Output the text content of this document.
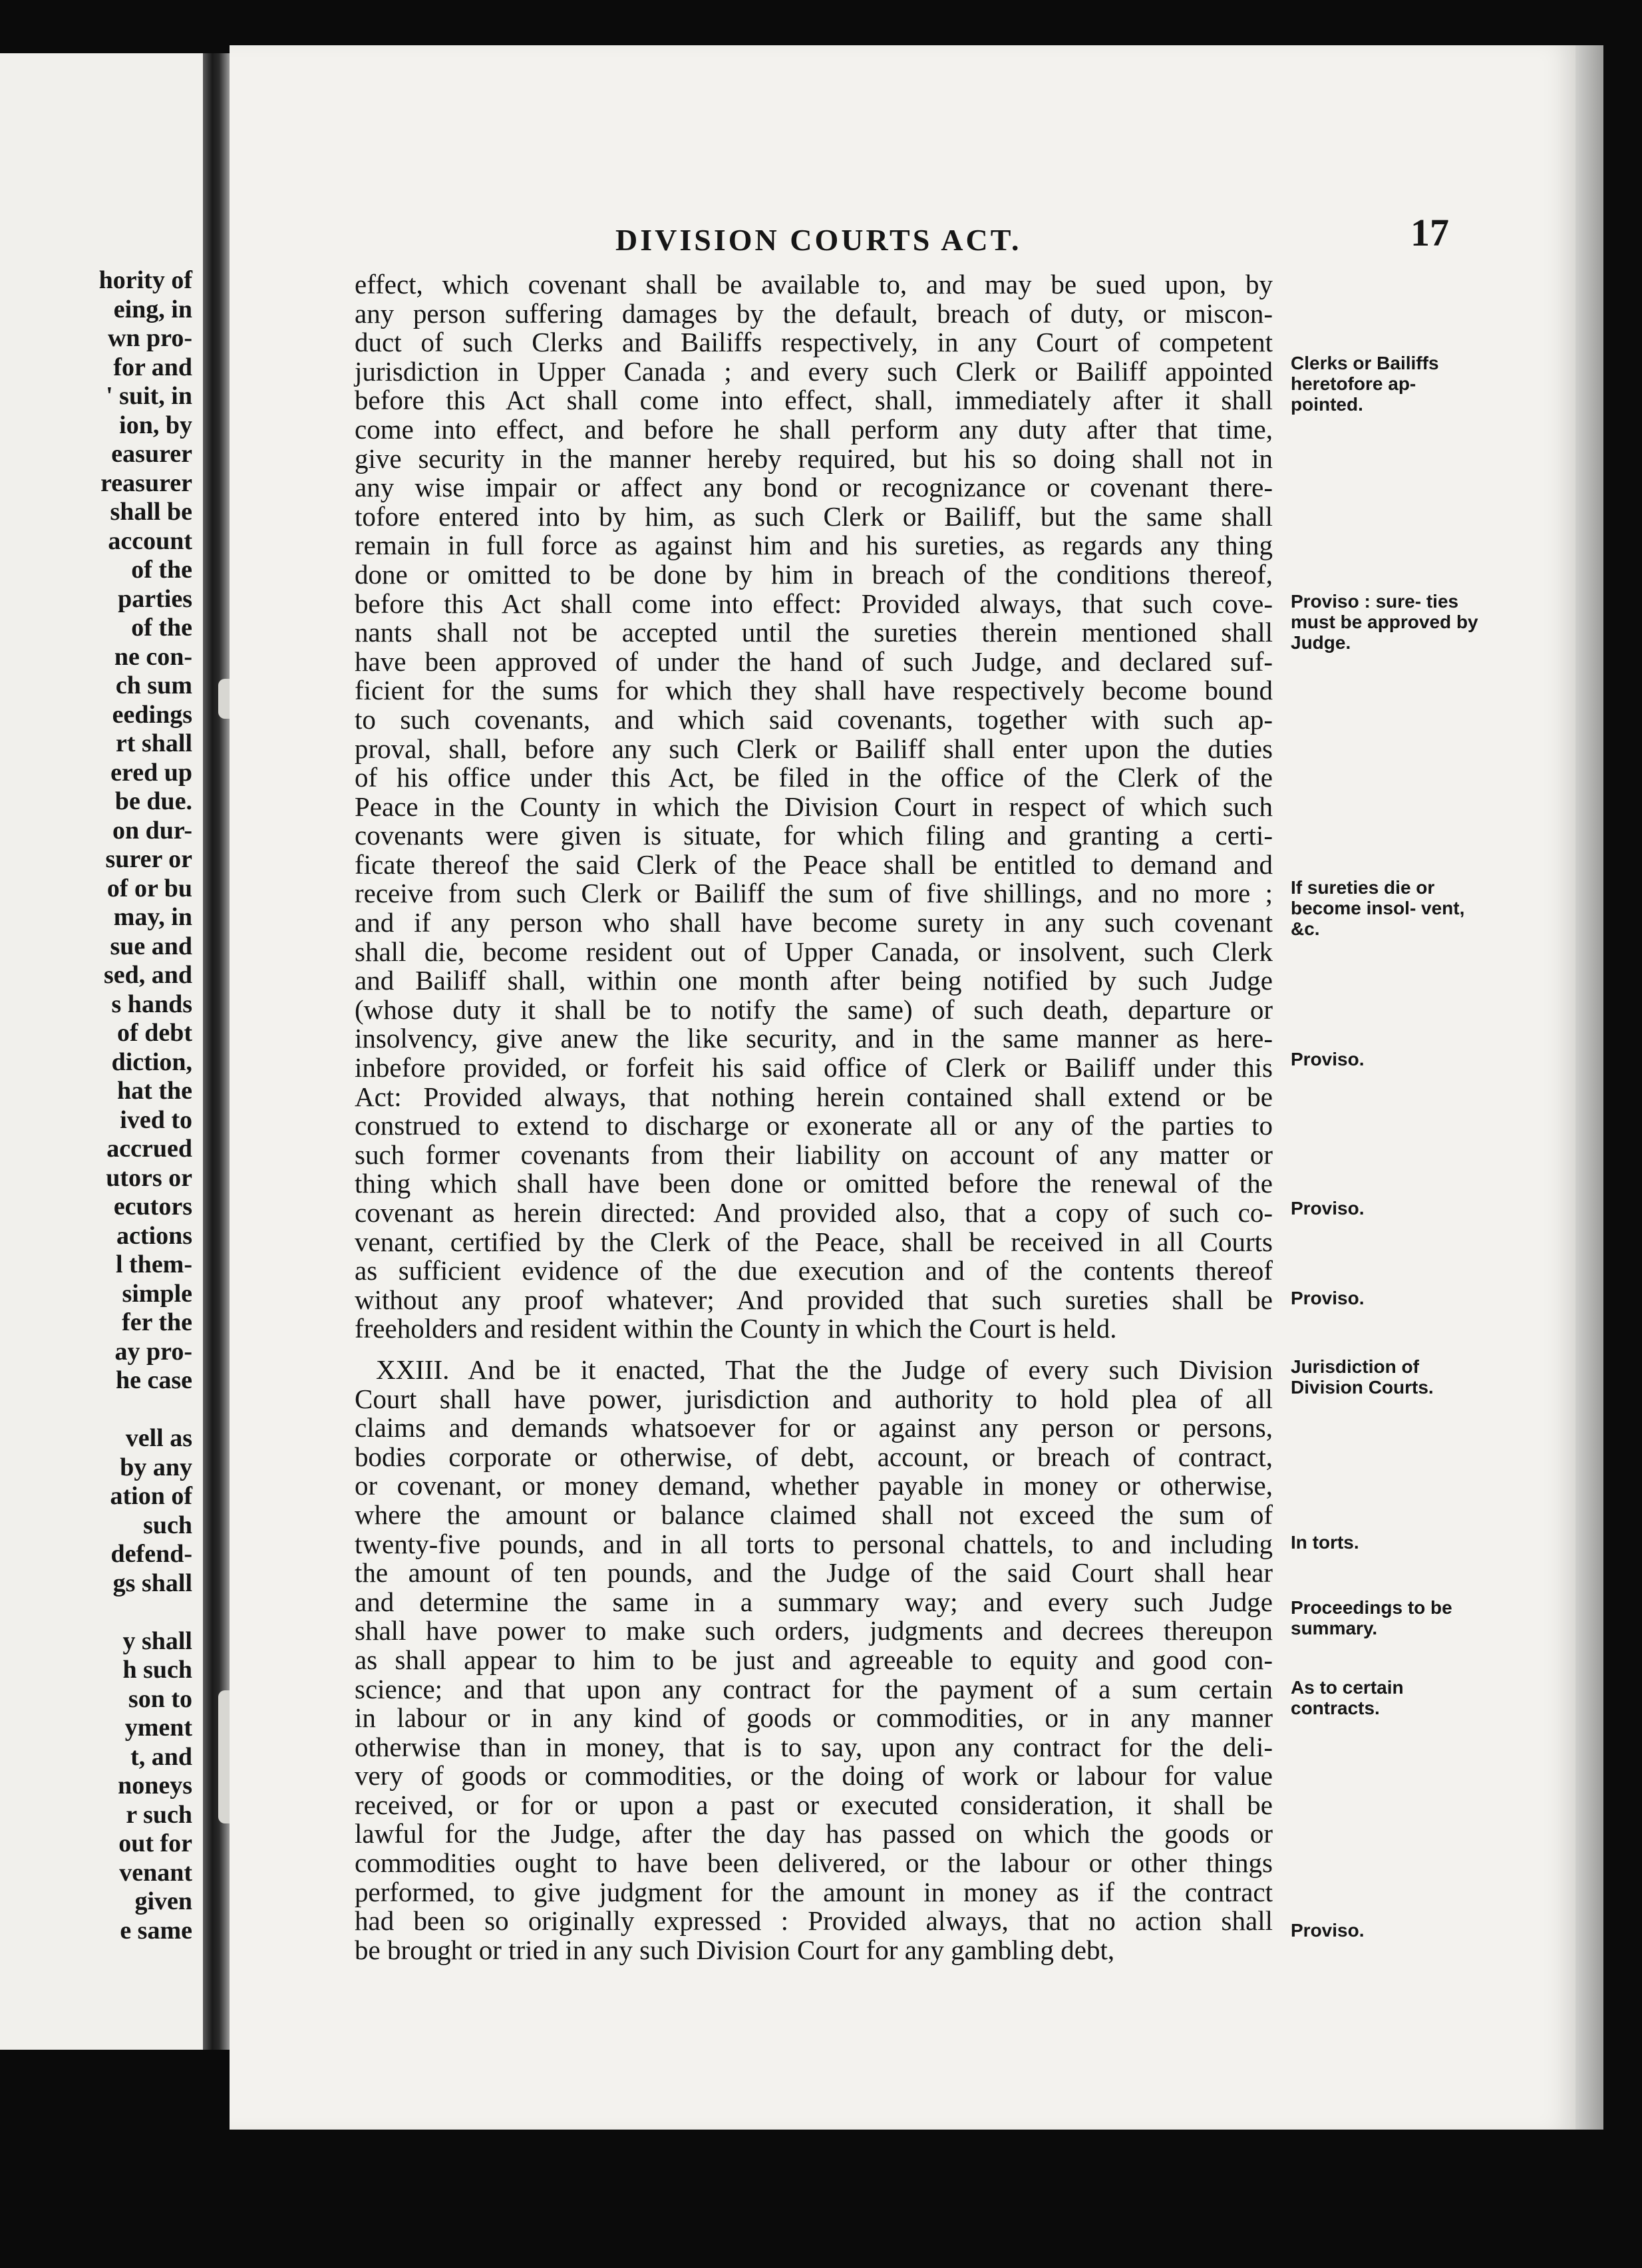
hority of
eing, in
wn pro-
for and
' suit, in
ion, by
easurer
reasurer
shall be
account
of the
parties
of the
ne con-
ch sum
eedings
rt shall
ered up
be due.
on dur-
surer or
of or bu
may, in
sue and
sed, and
s hands
of debt
diction,
hat the
ived to
accrued
utors or
ecutors
actions
l them-
simple
fer the
ay pro-
he case
vell as
by any
ation of
such
defend-
gs shall
y shall
h such
son to
yment
t, and
noneys
r such
out for
venant
given
e same
DIVISION COURTS ACT.	17
effect, which covenant shall be available to, and may be sued upon, by
any person suffering damages by the default, breach of duty, or miscon-
duct of such Clerks and Bailiffs respectively, in any Court of competent
jurisdiction in Upper Canada ; and every such Clerk or Bailiff appointed
before this Act shall come into effect, shall, immediately after it shall
come into effect, and before he shall perform any duty after that time,
give security in the manner hereby required, but his so doing shall not in
any wise impair or affect any bond or recognizance or covenant there-
tofore entered into by him, as such Clerk or Bailiff, but the same shall
remain in full force as against him and his sureties, as regards any thing
done or omitted to be done by him in breach of the conditions thereof,
before this Act shall come into effect: Provided always, that such cove-
nants shall not be accepted until the sureties therein mentioned shall
have been approved of under the hand of such Judge, and declared suf-
ficient for the sums for which they shall have respectively become bound
to such covenants, and which said covenants, together with such ap-
proval, shall, before any such Clerk or Bailiff shall enter upon the duties
of his office under this Act, be filed in the office of the Clerk of the
Peace in the County in which the Division Court in respect of which such
covenants were given is situate, for which filing and granting a certi-
ficate thereof the said Clerk of the Peace shall be entitled to demand and
receive from such Clerk or Bailiff the sum of five shillings, and no more ;
and if any person who shall have become surety in any such covenant
shall die, become resident out of Upper Canada, or insolvent, such Clerk
and Bailiff shall, within one month after being notified by such Judge
(whose duty it shall be to notify the same) of such death, departure or
insolvency, give anew the like security, and in the same manner as here-
inbefore provided, or forfeit his said office of Clerk or Bailiff under this
Act: Provided always, that nothing herein contained shall extend or be
construed to extend to discharge or exonerate all or any of the parties to
such former covenants from their liability on account of any matter or
thing which shall have been done or omitted before the renewal of the
covenant as herein directed: And provided also, that a copy of such co-
venant, certified by the Clerk of the Peace, shall be received in all Courts
as sufficient evidence of the due execution and of the contents thereof
without any proof whatever; And provided that such sureties shall be
freeholders and resident within the County in which the Court is held.
XXIII. And be it enacted, That the the Judge of every such Division
Court shall have power, jurisdiction and authority to hold plea of all
claims and demands whatsoever for or against any person or persons,
bodies corporate or otherwise, of debt, account, or breach of contract,
or covenant, or money demand, whether payable in money or otherwise,
where the amount or balance claimed shall not exceed the sum of
twenty-five pounds, and in all torts to personal chattels, to and including
the amount of ten pounds, and the Judge of the said Court shall hear
and determine the same in a summary way; and every such Judge
shall have power to make such orders, judgments and decrees thereupon
as shall appear to him to be just and agreeable to equity and good con-
science; and that upon any contract for the payment of a sum certain
in labour or in any kind of goods or commodities, or in any manner
otherwise than in money, that is to say, upon any contract for the deli-
very of goods or commodities, or the doing of work or labour for value
received, or for or upon a past or executed consideration, it shall be
lawful for the Judge, after the day has passed on which the goods or
commodities ought to have been delivered, or the labour or other things
performed, to give judgment for the amount in money as if the contract
had been so originally expressed : Provided always, that no action shall
be brought or tried in any such Division Court for any gambling debt,
Clerks or Bailiffs heretofore ap- pointed.
Proviso : sure- ties must be approved by Judge.
If sureties die or become insol- vent, &c.
Proviso.
Proviso.
Proviso.
Jurisdiction of Division Courts.
In torts.
Proceedings to be summary.
As to certain contracts.
Proviso.
